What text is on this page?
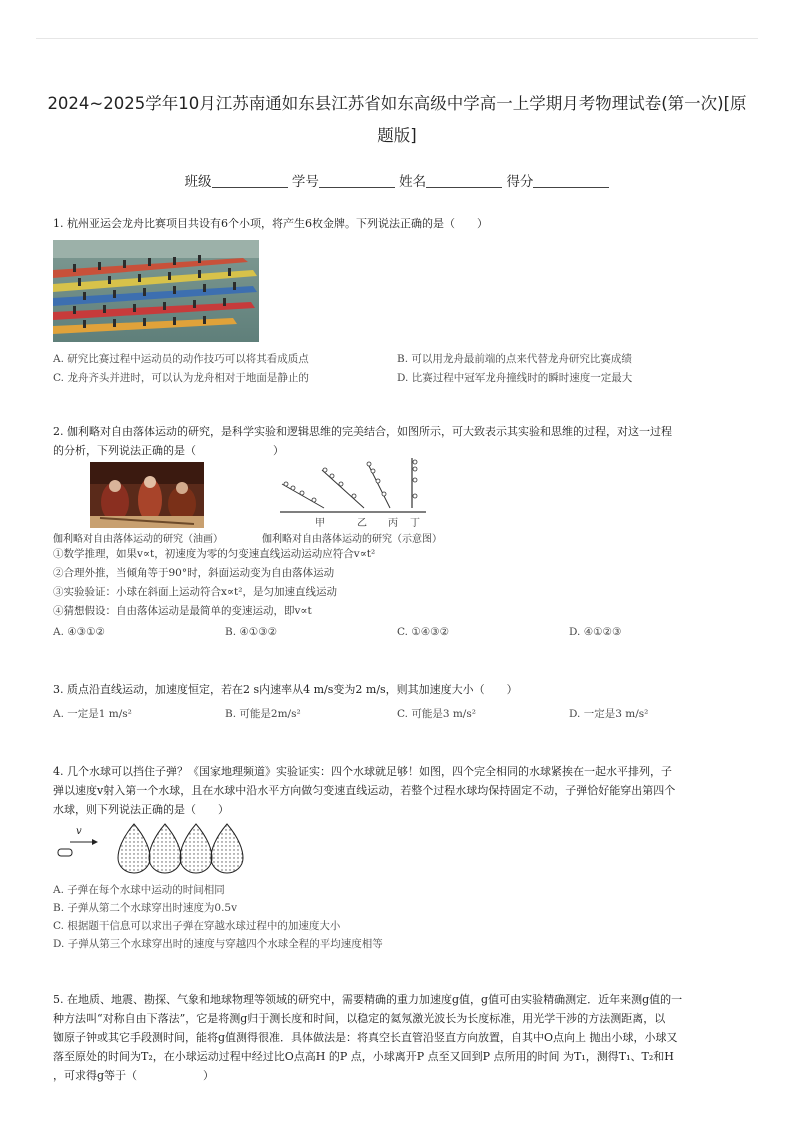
2024~2025学年10月江苏南通如东县江苏省如东高级中学高一上学期月考物理试卷(第一次)[原
题版]
班级	学号	姓名	得分
1. 杭州亚运会龙舟比赛项目共设有6个小项，将产生6枚金牌。下列说法正确的是（　　）
A. 研究比赛过程中运动员的动作技巧可以将其看成质点	B. 可以用龙舟最前端的点来代替龙舟研究比赛成绩
C. 龙舟齐头并进时，可以认为龙舟相对于地面是静止的	D. 比赛过程中冠军龙舟撞线时的瞬时速度一定最大
2. 伽利略对自由落体运动的研究，是科学实验和逻辑思维的完美结合，如图所示，可大致表示其实验和思维的过程，对这一过程
的分析，下列说法正确的是（　　　　　　　）
甲	乙 丙 丁
伽利略对自由落体运动的研究（油画）	伽利略对自由落体运动的研究（示意图）
①数学推理，如果v∝t，初速度为零的匀变速直线运动运动应符合v∝t²
②合理外推，当倾角等于90°时，斜面运动变为自由落体运动
③实验验证：小球在斜面上运动符合x∝t²，是匀加速直线运动
④猜想假设：自由落体运动是最简单的变速运动，即v∝t
A. ④③①②	B. ④①③②	C. ①④③②	D. ④①②③
3. 质点沿直线运动，加速度恒定，若在2 s内速率从4 m/s变为2 m/s，则其加速度大小（　　）
A. 一定是1 m/s²	B. 可能是2m/s²	C. 可能是3 m/s²	D. 一定是3 m/s²
4. 几个水球可以挡住子弹？《国家地理频道》实验证实：四个水球就足够！如图，四个完全相同的水球紧挨在一起水平排列，子
弹以速度v射入第一个水球，且在水球中沿水平方向做匀变速直线运动，若整个过程水球均保持固定不动，子弹恰好能穿出第四个
水球，则下列说法正确的是（　　）
v
A. 子弹在每个水球中运动的时间相同
B. 子弹从第二个水球穿出时速度为0.5v
C. 根据题干信息可以求出子弹在穿越水球过程中的加速度大小
D. 子弹从第三个水球穿出时的速度与穿越四个水球全程的平均速度相等
5. 在地质、地震、勘探、气象和地球物理等领域的研究中，需要精确的重力加速度g值，g值可由实验精确测定．近年来测g值的一
种方法叫“对称自由下落法”，它是将测g归于测长度和时间，以稳定的氦氖激光波长为长度标准，用光学干涉的方法测距离，以
铷原子钟或其它手段测时间，能将g值测得很准．具体做法是：将真空长直管沿竖直方向放置，自其中O点向上 抛出小球，小球又
落至原处的时间为T₂，在小球运动过程中经过比O点高H 的P 点，小球离开P 点至又回到P 点所用的时间 为T₁，测得T₁、T₂和H
，可求得g等于（　　　　　　）
